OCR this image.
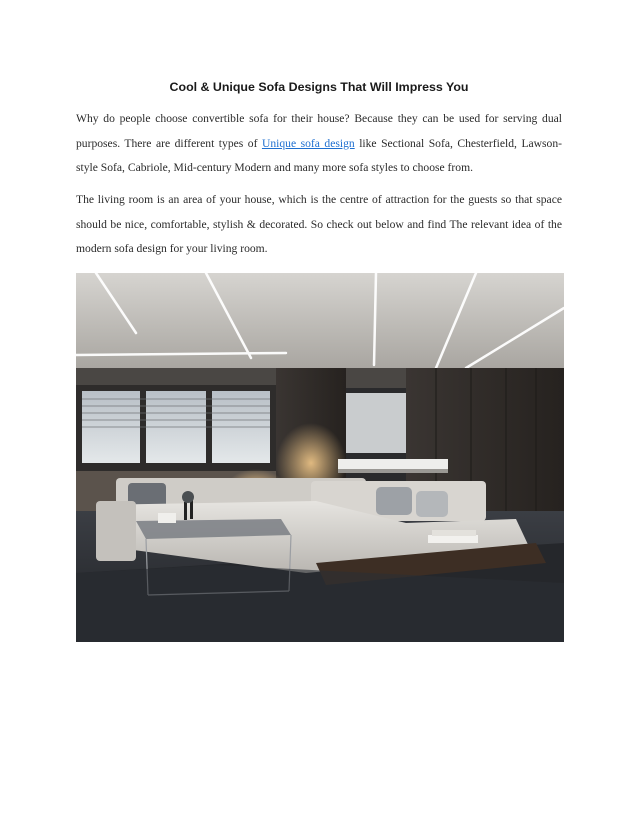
Cool & Unique Sofa Designs That Will Impress You

Why do people choose convertible sofa for their house? Because they can be used for serving dual purposes. There are different types of Unique sofa design like Sectional Sofa, Chesterfield, Lawson-style Sofa, Cabriole, Mid-century Modern and many more sofa styles to choose from.

The living room is an area of your house, which is the centre of attraction for the guests so that space should be nice, comfortable, stylish & decorated. So check out below and find The relevant idea of the modern sofa design for your living room.
